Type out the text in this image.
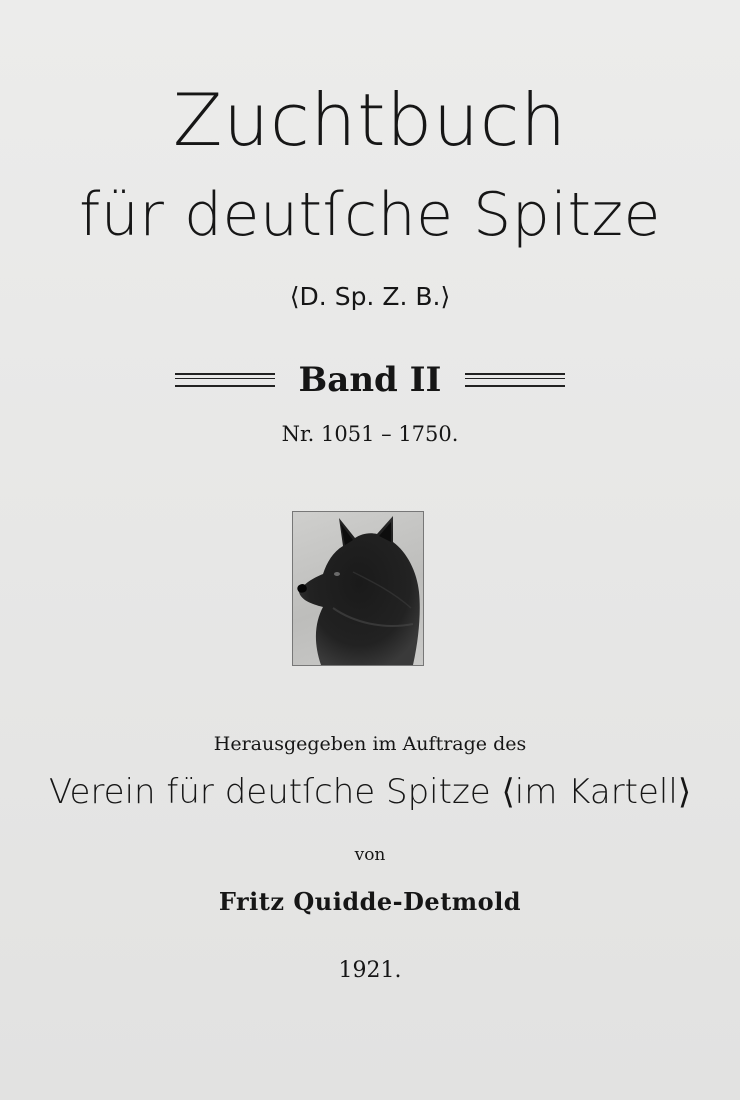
Zuchtbuch
für deutſche Spitze
⟨D. Sp. Z. B.⟩
Band II
Nr. 1051 – 1750.
Herausgegeben im Auftrage des
Verein für deutſche Spitze ⟨im Kartell⟩
von
Fritz Quidde-Detmold
1921.
